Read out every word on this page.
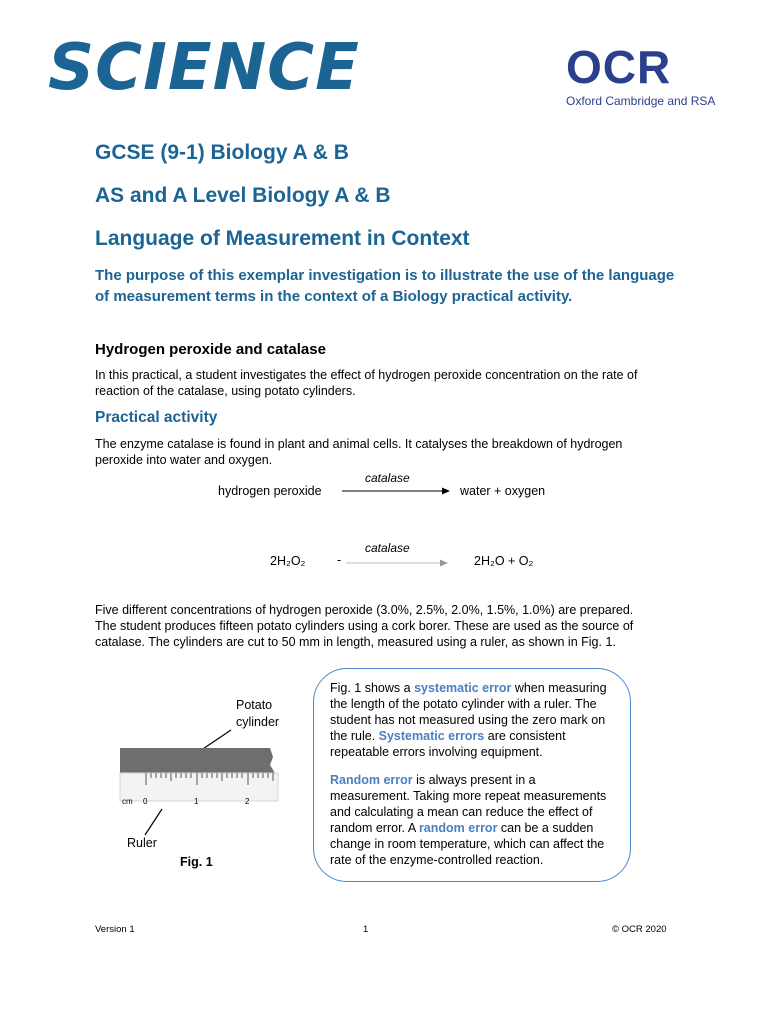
SCIENCE	OCR
Oxford Cambridge and RSA
GCSE (9-1) Biology A & B
AS and A Level Biology A & B
Language of Measurement in Context
The purpose of this exemplar investigation is to illustrate the use of the language of measurement terms in the context of a Biology practical activity.
Hydrogen peroxide and catalase
In this practical, a student investigates the effect of hydrogen peroxide concentration on the rate of
reaction of the catalase, using potato cylinders.
Practical activity
The enzyme catalase is found in plant and animal cells. It catalyses the breakdown of hydrogen
peroxide into water and oxygen.
hydrogen peroxide
catalase
water + oxygen
2H₂O₂	-
catalase
2H₂O + O₂
Five different concentrations of hydrogen peroxide (3.0%, 2.5%, 2.0%, 1.5%, 1.0%) are prepared.
The student produces fifteen potato cylinders using a cork borer. These are used as the source of
catalase. The cylinders are cut to 50 mm in length, measured using a ruler, as shown in Fig. 1.
Potato
cylinder
cm 0	1	2
Ruler
Fig. 1

Fig. 1 shows a systematic error when measuring the length of the potato cylinder with a ruler. The student has not measured using the zero mark on the rule. Systematic errors are consistent repeatable errors involving equipment.

Random error is always present in a measurement. Taking more repeat measurements and calculating a mean can reduce the effect of random error. A random error can be a sudden change in room temperature, which can affect the rate of the enzyme-controlled reaction.

Version 1	1	© OCR 2020
